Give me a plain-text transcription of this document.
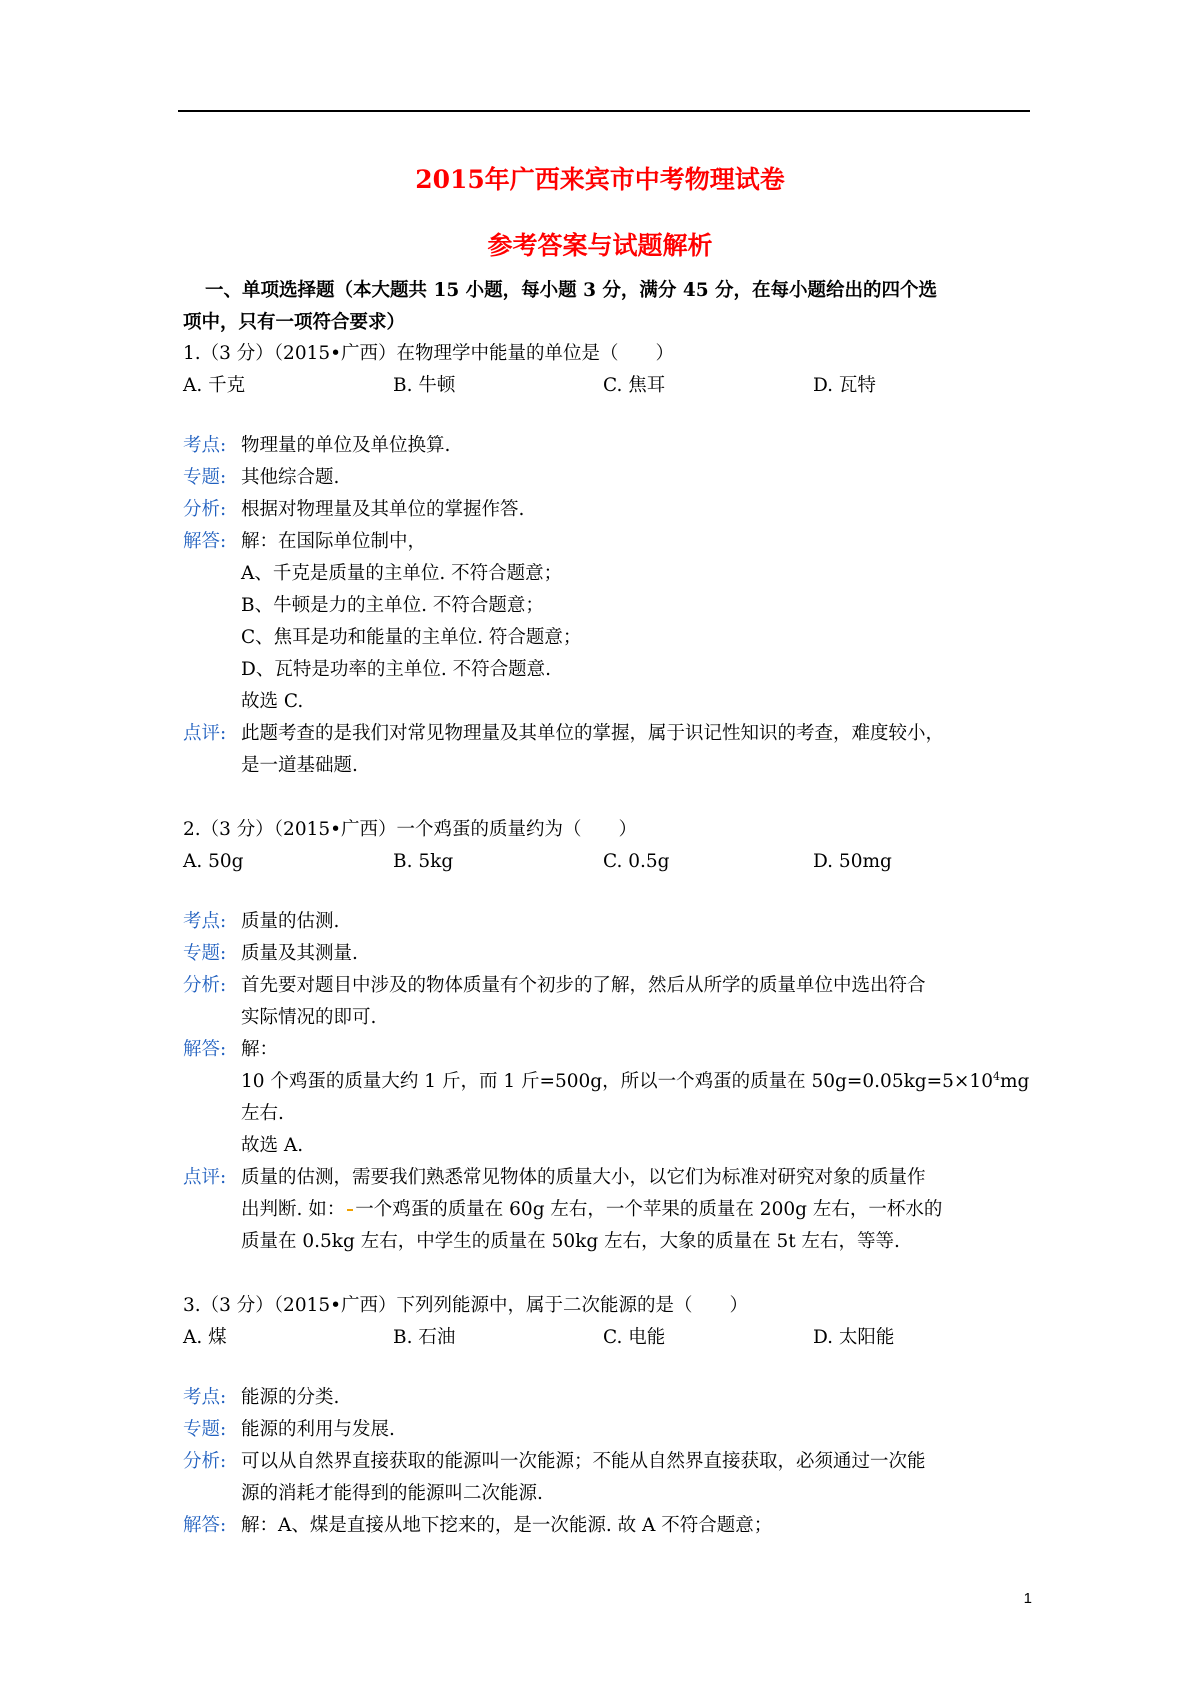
2015年广西来宾市中考物理试卷
参考答案与试题解析
一、单项选择题（本大题共 15 小题，每小题 3 分，满分 45 分，在每小题给出的四个选
项中，只有一项符合要求）
1.（3 分）（2015•广西）在物理学中能量的单位是（　　）
A. 千克	B. 牛顿	C. 焦耳	D. 瓦特
考点: 物理量的单位及单位换算.
专题: 其他综合题.
分析: 根据对物理量及其单位的掌握作答.
解答: 解：在国际单位制中，
A、千克是质量的主单位. 不符合题意；
B、牛顿是力的主单位. 不符合题意；
C、焦耳是功和能量的主单位. 符合题意；
D、瓦特是功率的主单位. 不符合题意.
故选 C.
点评: 此题考查的是我们对常见物理量及其单位的掌握，属于识记性知识的考查，难度较小，
是一道基础题.
2.（3 分）（2015•广西）一个鸡蛋的质量约为（　　）
A. 50g	B. 5kg	C. 0.5g	D. 50mg
考点: 质量的估测.
专题: 质量及其测量.
分析: 首先要对题目中涉及的物体质量有个初步的了解，然后从所学的质量单位中选出符合
实际情况的即可.
解答: 解：
10 个鸡蛋的质量大约 1 斤，而 1 斤=500g，所以一个鸡蛋的质量在 $50g=0.05kg=5\times 10^4mg$
左右.
故选 A.
点评: 质量的估测，需要我们熟悉常见物体的质量大小，以它们为标准对研究对象的质量作
出判断. 如： 一个鸡蛋的质量在 60g 左右，一个苹果的质量在 200g 左右，一杯水的
质量在 0.5kg 左右，中学生的质量在 50kg 左右，大象的质量在 5t 左右，等等.
3.（3 分）（2015•广西）下列列能源中，属于二次能源的是（　　）
A. 煤	B. 石油	C. 电能	D. 太阳能
考点: 能源的分类.
专题: 能源的利用与发展.
分析: 可以从自然界直接获取的能源叫一次能源；不能从自然界直接获取，必须通过一次能
源的消耗才能得到的能源叫二次能源.
解答: 解：A、煤是直接从地下挖来的，是一次能源. 故 A 不符合题意；
1
